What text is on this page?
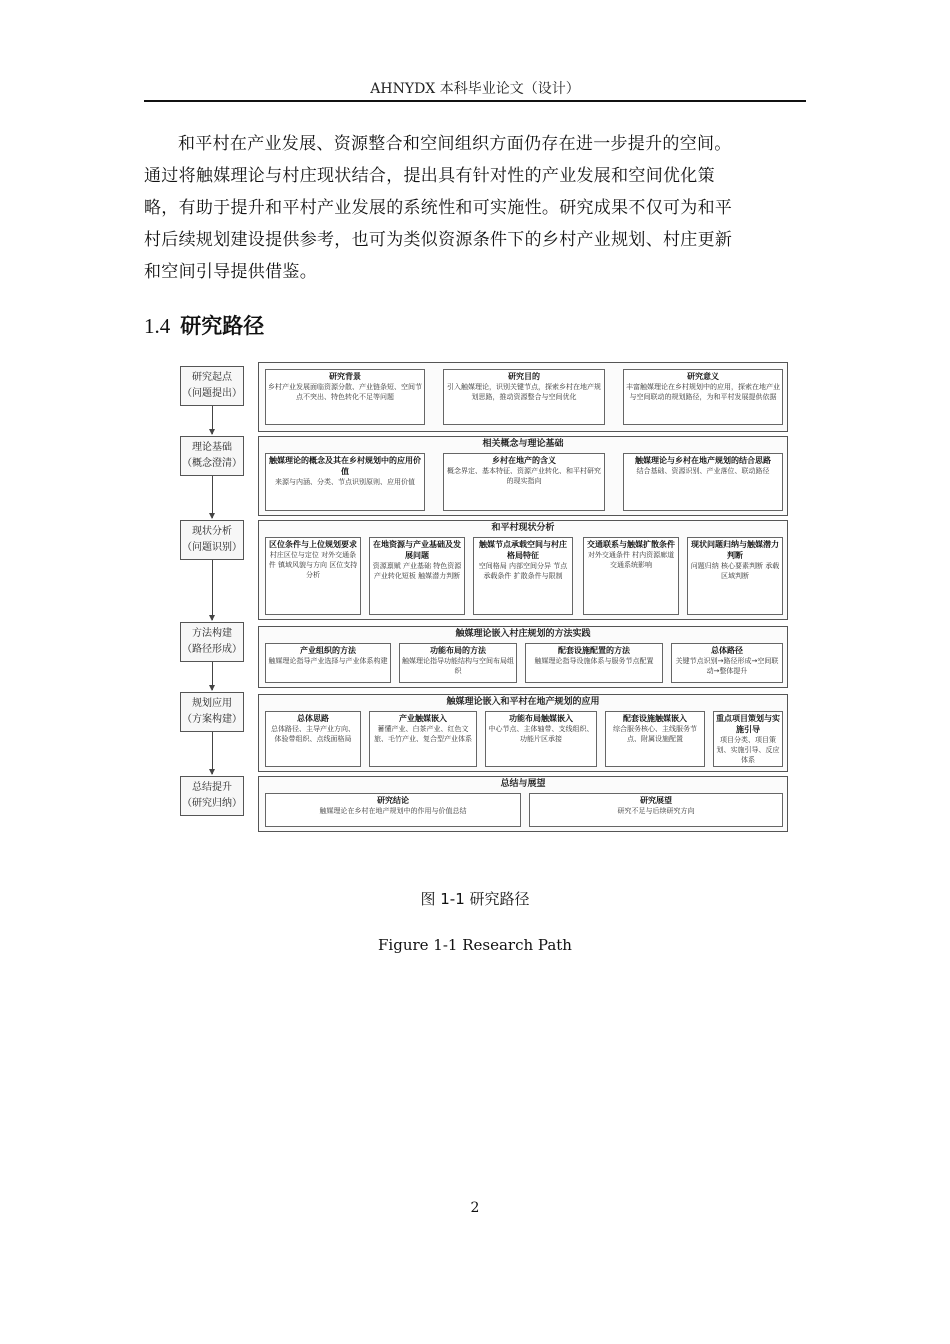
AHNYDX 本科毕业论文（设计）

和平村在产业发展、资源整合和空间组织方面仍存在进一步提升的空间。

通过将触媒理论与村庄现状结合，提出具有针对性的产业发展和空间优化策

略，有助于提升和平村产业发展的系统性和可实施性。研究成果不仅可为和平

村后续规划建设提供参考，也可为类似资源条件下的乡村产业规划、村庄更新

和空间引导提供借鉴。

1.4 研究路径
研究起点
（问题提出）
理论基础
（概念澄清）
现状分析
（问题识别）
方法构建
（路径形成）
规划应用
（方案构建）
总结提升
（研究归纳）
研究背景
乡村产业发展面临资源分散、产业链条短、空间节点不突出、特色转化不足等问题
研究目的
引入触媒理论，识别关键节点，探索乡村在地产规划思路，推动资源整合与空间优化
研究意义
丰富触媒理论在乡村规划中的应用，探索在地产业与空间联动的规划路径，为和平村发展提供依据
相关概念与理论基础
触媒理论的概念及其在乡村规划中的应用价值
来源与内涵、分类、节点识别原则、应用价值
乡村在地产的含义
概念界定、基本特征、资源产业转化、和平村研究的现实指向
触媒理论与乡村在地产规划的结合思路
结合基础、资源识别、产业落位、联动路径
和平村现状分析
区位条件与上位规划要求
村庄区位与定位 对外交通条件 镇域风貌与方向 区位支持分析
在地资源与产业基础及发展问题
资源禀赋 产业基础 特色资源 产业转化短板 触媒潜力判断
触媒节点承载空间与村庄格局特征
空间格局 内部空间分异 节点承载条件 扩散条件与限制
交通联系与触媒扩散条件
对外交通条件 村内资源廊道 交通系统影响
现状问题归纳与触媒潜力判断
问题归纳 核心要素判断 承载区域判断
触媒理论嵌入村庄规划的方法实践
产业组织的方法
触媒理论指导产业选择与产业体系构建
功能布局的方法
触媒理论指导功能结构与空间布局组织
配套设施配置的方法
触媒理论指导设施体系与服务节点配置
总体路径
关键节点识别→路径形成→空间联动→整体提升
触媒理论嵌入和平村在地产规划的应用
总体思路
总体路径、主导产业方向、体验带组织、点线面格局
产业触媒嵌入
蓄懂产业、白茶产业、红色文旅、毛竹产业、复合型产业体系
功能布局触媒嵌入
中心节点、主体轴带、支线组织、功能片区承接
配套设施触媒嵌入
综合服务核心、主线服务节点、附属设施配置
重点项目策划与实施引导
项目分类、项目策划、实施引导、反应体系
总结与展望
研究结论
触媒理论在乡村在地产规划中的作用与价值总结
研究展望
研究不足与后续研究方向
图 1-1 研究路径
Figure 1-1 Research Path
2
